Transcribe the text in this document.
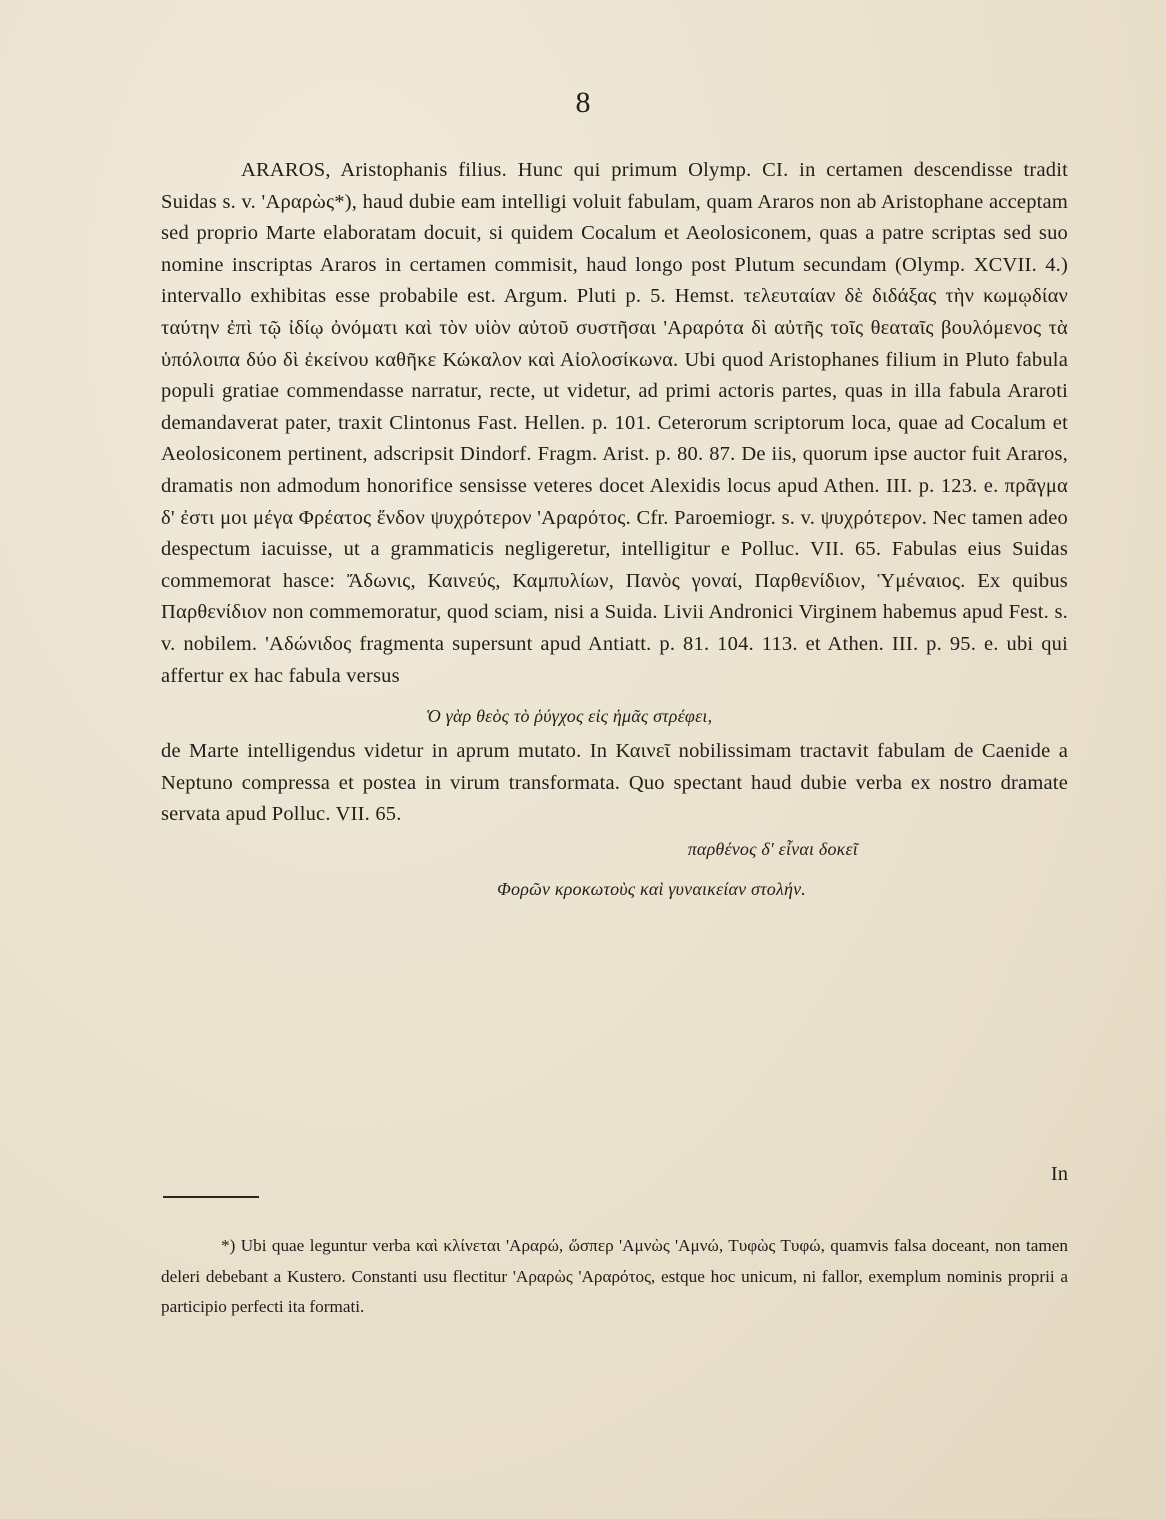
8

ARAROS, Aristophanis filius. Hunc qui primum Olymp. CI. in certamen descendisse tradit Suidas s. v. 'Αραρὼς*), haud dubie eam intelligi voluit fabulam, quam Araros non ab Aristophane acceptam sed proprio Marte elaboratam docuit, si quidem Cocalum et Aeolosiconem, quas a patre scriptas sed suo nomine inscriptas Araros in certamen commisit, haud longo post Plutum secundam (Olymp. XCVII. 4.) intervallo exhibitas esse probabile est. Argum. Pluti p. 5. Hemst. τελευταίαν δὲ διδάξας τὴν κωμῳδίαν ταύτην ἐπὶ τῷ ἰδίῳ ὀνόματι καὶ τὸν υἱὸν αὐτοῦ συστῆσαι 'Αραρότα δὶ αὐτῆς τοῖς θεαταῖς βουλόμενος τὰ ὑπόλοιπα δύο δὶ ἐκείνου καθῆκε Κώκαλον καὶ Αἰολοσίκωνα. Ubi quod Aristophanes filium in Pluto fabula populi gratiae commendasse narratur, recte, ut videtur, ad primi actoris partes, quas in illa fabula Araroti demandaverat pater, traxit Clintonus Fast. Hellen. p. 101. Ceterorum scriptorum loca, quae ad Cocalum et Aeolosiconem pertinent, adscripsit Dindorf. Fragm. Arist. p. 80. 87. De iis, quorum ipse auctor fuit Araros, dramatis non admodum honorifice sensisse veteres docet Alexidis locus apud Athen. III. p. 123. e. πρᾶγμα δ' ἐστι μοι μέγα Φρέατος ἔνδον ψυχρότερον 'Αραρότος. Cfr. Paroemiogr. s. v. ψυχρότερον. Nec tamen adeo despectum iacuisse, ut a grammaticis negligeretur, intelligitur e Polluc. VII. 65. Fabulas eius Suidas commemorat hasce: Ἄδωνις, Καινεύς, Καμπυλίων, Πανὸς γοναί, Παρθενίδιον, Ὑμέναιος. Ex quibus Παρθενίδιον non commemoratur, quod sciam, nisi a Suida. Livii Andronici Virginem habemus apud Fest. s. v. nobilem. 'Αδώνιδος fragmenta supersunt apud Antiatt. p. 81. 104. 113. et Athen. III. p. 95. e. ubi qui affertur ex hac fabula versus

Ὁ γὰρ θεὸς τὸ ῥύγχος εἰς ἡμᾶς στρέφει,

de Marte intelligendus videtur in aprum mutato. In Καινεῖ nobilissimam tractavit fabulam de Caenide a Neptuno compressa et postea in virum transformata. Quo spectant haud dubie verba ex nostro dramate servata apud Polluc. VII. 65.

παρθένος δ' εἶναι δοκεῖ
Φορῶν κροκωτοὺς καὶ γυναικείαν στολήν.
In

*) Ubi quae leguntur verba καὶ κλίνεται 'Αραρώ, ὥσπερ 'Αμνὼς 'Αμνώ, Τυφὼς Τυφώ, quamvis falsa doceant, non tamen deleri debebant a Kustero. Constanti usu flectitur 'Αραρὼς 'Αραρότος, estque hoc unicum, ni fallor, exemplum nominis proprii a participio perfecti ita formati.
